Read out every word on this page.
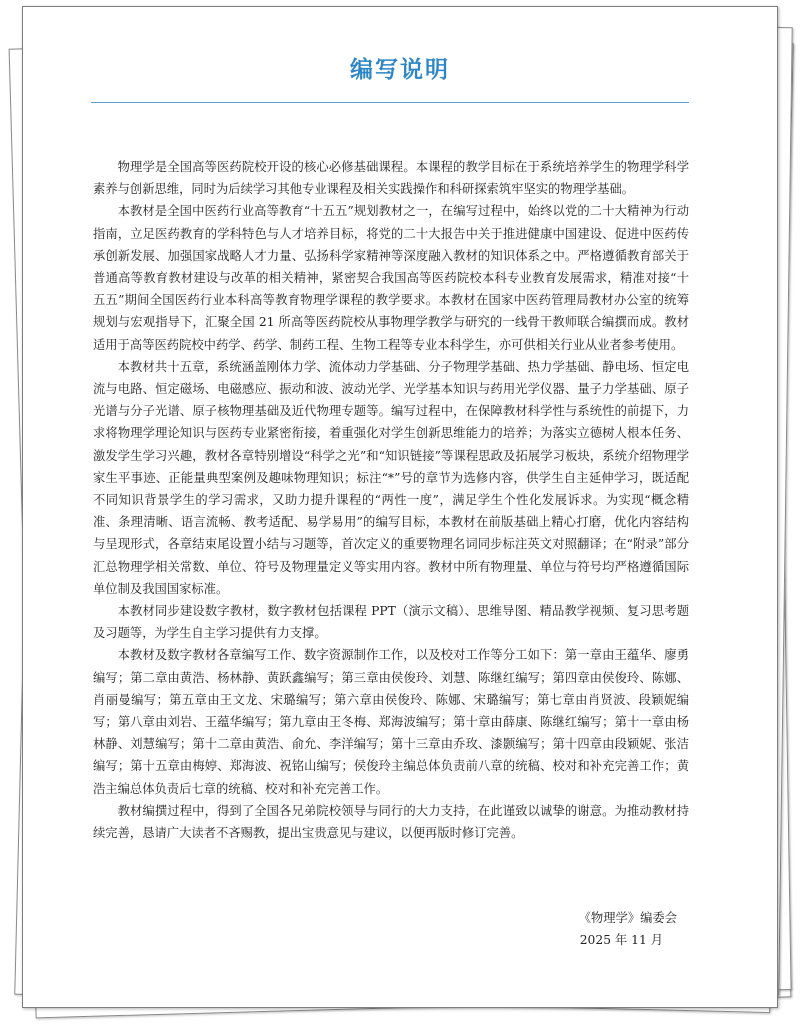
编写说明

物理学是全国高等医药院校开设的核心必修基础课程。本课程的教学目标在于系统培养学生的物理学科学素养与创新思维，同时为后续学习其他专业课程及相关实践操作和科研探索筑牢坚实的物理学基础。

本教材是全国中医药行业高等教育“十五五”规划教材之一，在编写过程中，始终以党的二十大精神为行动指南，立足医药教育的学科特色与人才培养目标，将党的二十大报告中关于推进健康中国建设、促进中医药传承创新发展、加强国家战略人才力量、弘扬科学家精神等深度融入教材的知识体系之中。严格遵循教育部关于普通高等教育教材建设与改革的相关精神，紧密契合我国高等医药院校本科专业教育发展需求，精准对接“十五五”期间全国医药行业本科高等教育物理学课程的教学要求。本教材在国家中医药管理局教材办公室的统筹规划与宏观指导下，汇聚全国 21 所高等医药院校从事物理学教学与研究的一线骨干教师联合编撰而成。教材适用于高等医药院校中药学、药学、制药工程、生物工程等专业本科学生，亦可供相关行业从业者参考使用。

本教材共十五章，系统涵盖刚体力学、流体动力学基础、分子物理学基础、热力学基础、静电场、恒定电流与电路、恒定磁场、电磁感应、振动和波、波动光学、光学基本知识与药用光学仪器、量子力学基础、原子光谱与分子光谱、原子核物理基础及近代物理专题等。编写过程中，在保障教材科学性与系统性的前提下，力求将物理学理论知识与医药专业紧密衔接，着重强化对学生创新思维能力的培养；为落实立德树人根本任务、激发学生学习兴趣，教材各章特别增设“科学之光”和“知识链接”等课程思政及拓展学习板块，系统介绍物理学家生平事迹、正能量典型案例及趣味物理知识；标注“*”号的章节为选修内容，供学生自主延伸学习，既适配不同知识背景学生的学习需求，又助力提升课程的“两性一度”，满足学生个性化发展诉求。为实现“概念精准、条理清晰、语言流畅、教考适配、易学易用”的编写目标，本教材在前版基础上精心打磨，优化内容结构与呈现形式，各章结束尾设置小结与习题等，首次定义的重要物理名词同步标注英文对照翻译；在“附录”部分汇总物理学相关常数、单位、符号及物理量定义等实用内容。教材中所有物理量、单位与符号均严格遵循国际单位制及我国国家标准。

本教材同步建设数字教材，数字教材包括课程 PPT（演示文稿）、思维导图、精品教学视频、复习思考题及习题等，为学生自主学习提供有力支撑。

本教材及数字教材各章编写工作、数字资源制作工作，以及校对工作等分工如下：第一章由王蕴华、廖勇编写；第二章由黄浩、杨林静、黄跃鑫编写；第三章由侯俊玲、刘慧、陈继红编写；第四章由侯俊玲、陈娜、肖丽曼编写；第五章由王文龙、宋璐编写；第六章由侯俊玲、陈娜、宋璐编写；第七章由肖贤波、段颖妮编写；第八章由刘岩、王蕴华编写；第九章由王冬梅、郑海波编写；第十章由薛康、陈继红编写；第十一章由杨林静、刘慧编写；第十二章由黄浩、俞允、李洋编写；第十三章由乔玫、漆颢编写；第十四章由段颖妮、张洁编写；第十五章由梅婷、郑海波、祝铭山编写；侯俊玲主编总体负责前八章的统稿、校对和补充完善工作；黄浩主编总体负责后七章的统稿、校对和补充完善工作。

教材编撰过程中，得到了全国各兄弟院校领导与同行的大力支持，在此谨致以诚挚的谢意。为推动教材持续完善，恳请广大读者不吝赐教，提出宝贵意见与建议，以便再版时修订完善。

《物理学》编委会
2025 年 11 月
